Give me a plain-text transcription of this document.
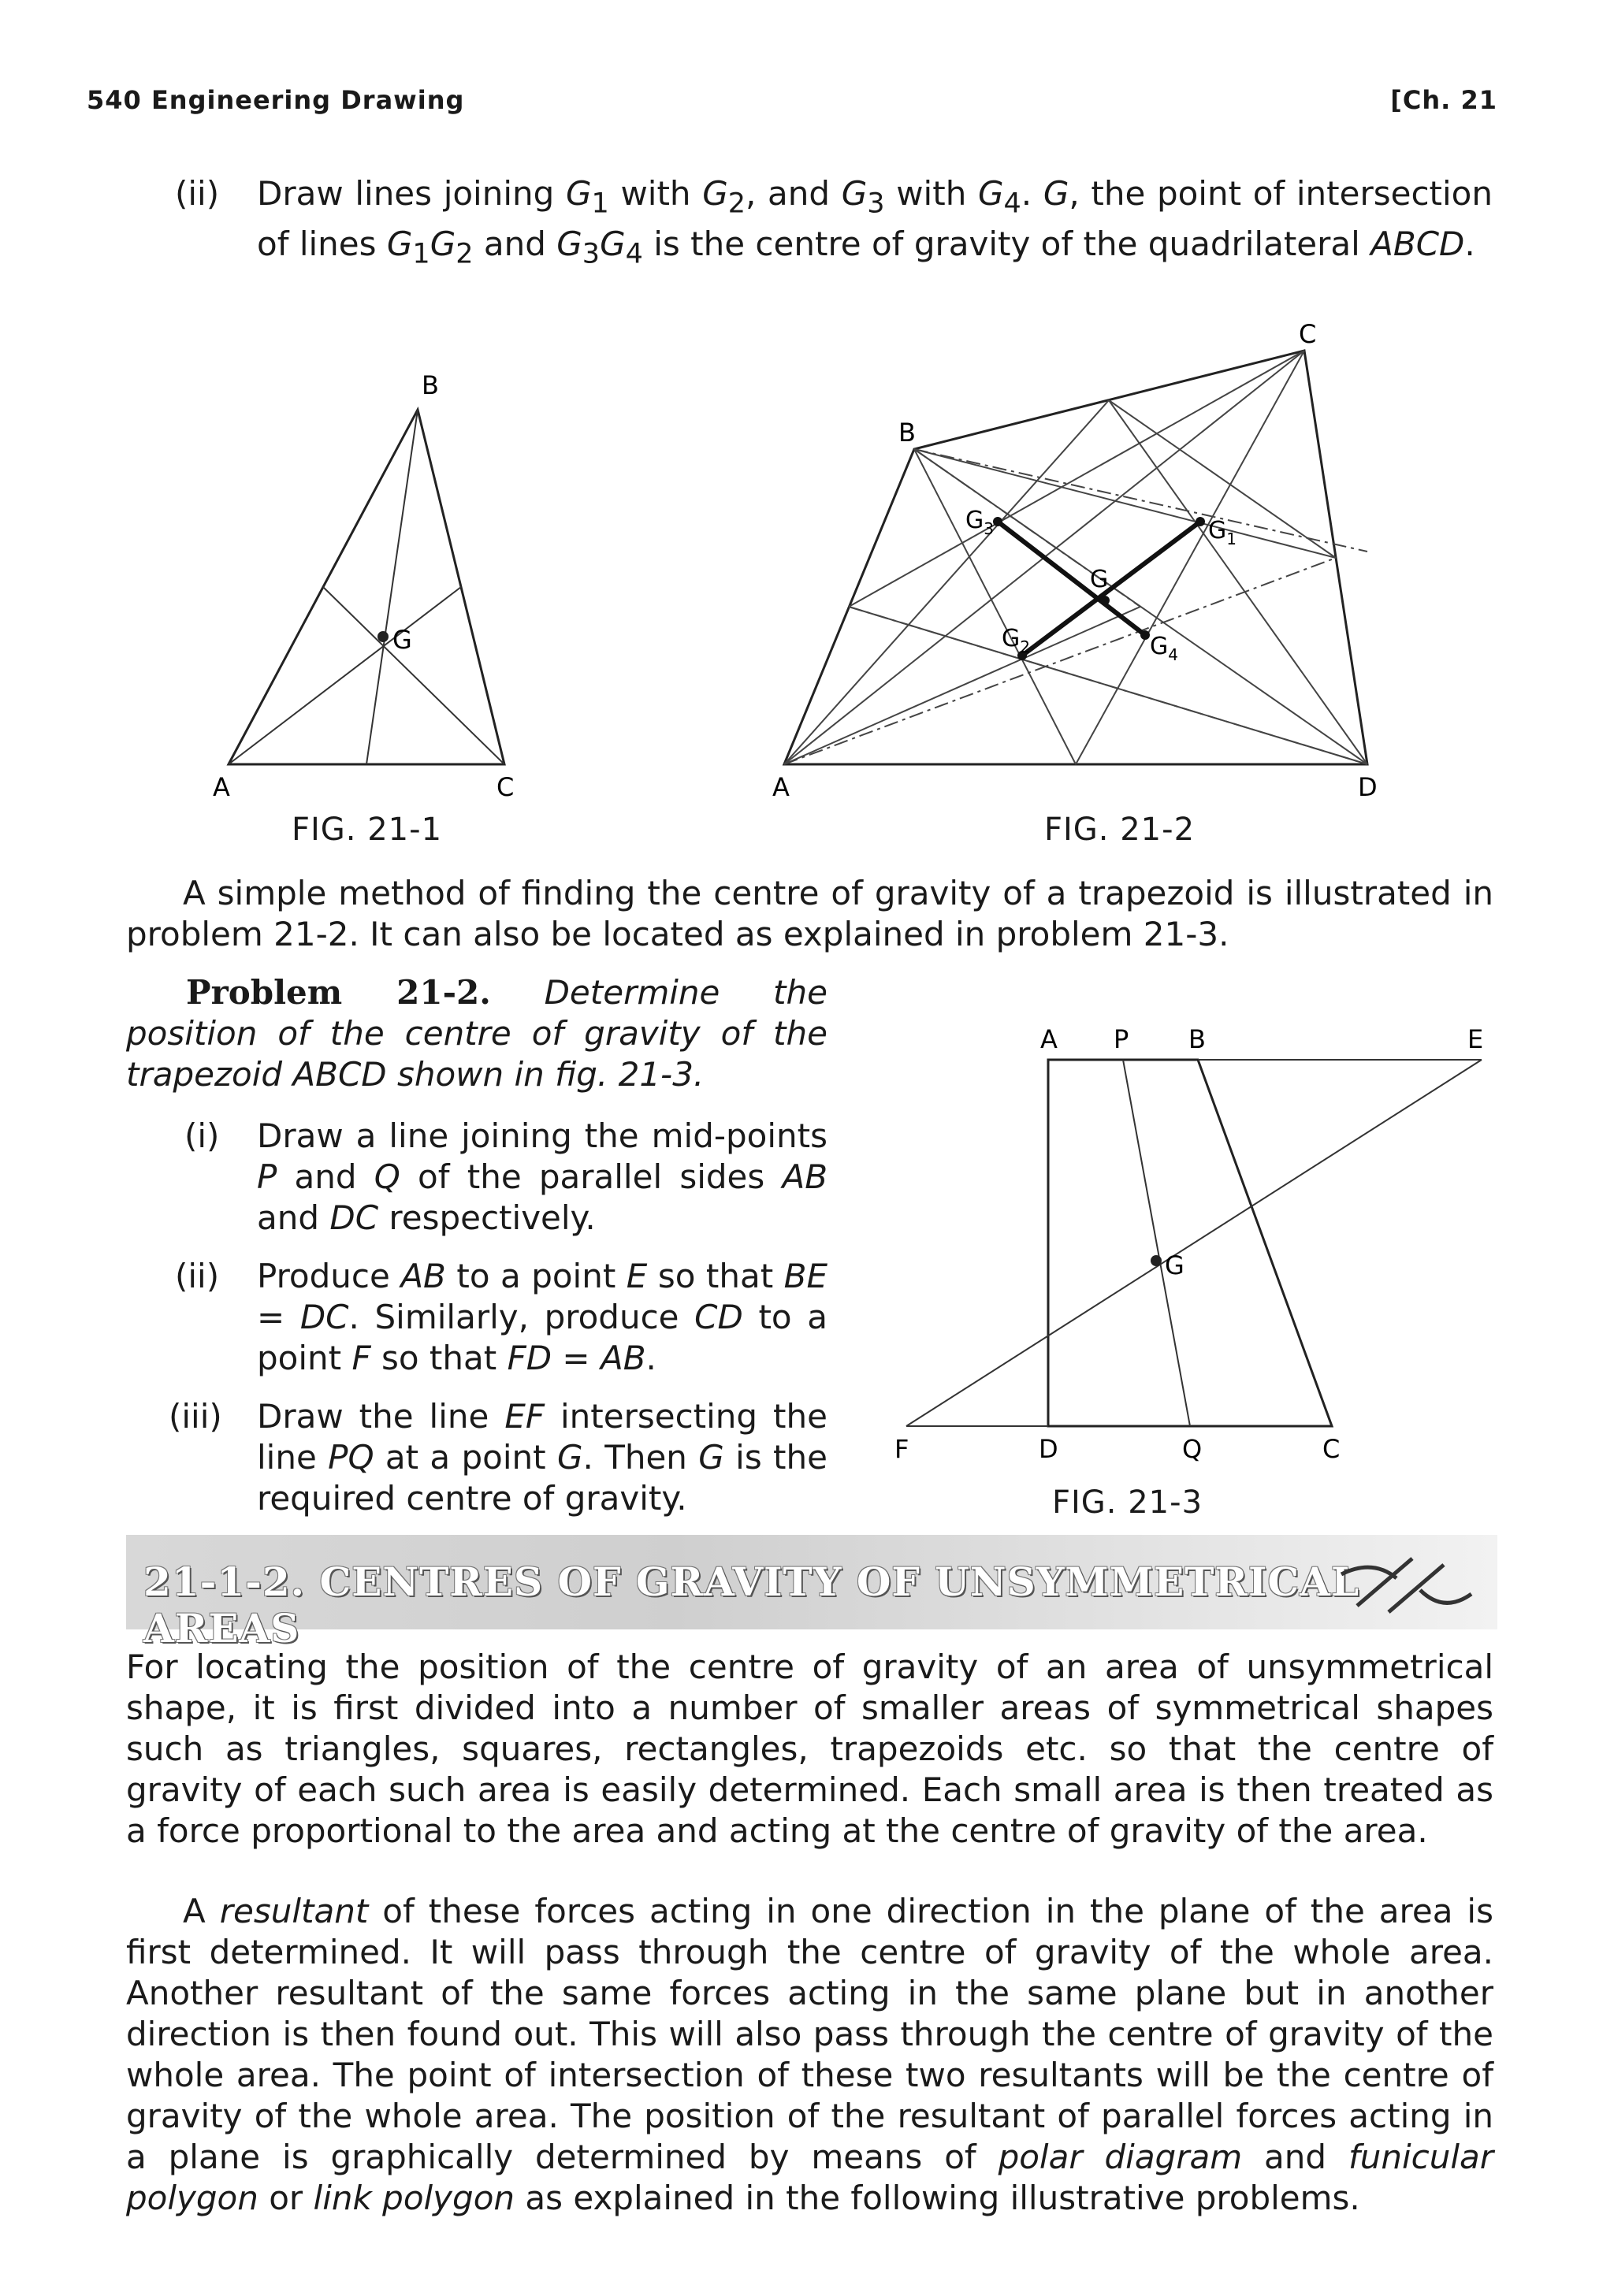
540 Engineering Drawing	[Ch. 21
(ii)	Draw lines joining $G_1$ with $G_2$, and $G_3$ with $G_4$. G, the point of intersection of lines $G_1G_2$ and $G_3G_4$ is the centre of gravity of the quadrilateral ABCD.
A
B
C
G
FIG. 21-1
A
B
C
D
G
$G_1$
$G_2$
$G_3$
$G_4$
FIG. 21-2
A simple method of finding the centre of gravity of a trapezoid is illustrated in problem 21-2. It can also be located as explained in problem 21-3.
Problem 21-2. Determine the position of the centre of gravity of the trapezoid ABCD shown in fig. 21-3.
(i)	Draw a line joining the mid-points P and Q of the parallel sides AB and DC respectively.
(ii)	Produce AB to a point E so that BE = DC. Similarly, produce CD to a point F so that FD = AB.
(iii)	Draw the line EF intersecting the line PQ at a point G. Then G is the required centre of gravity.
A P B	E
F	D	Q	C
G
FIG. 21-3
21-1-2. CENTRES OF GRAVITY OF UNSYMMETRICAL AREAS
For locating the position of the centre of gravity of an area of unsymmetrical shape, it is first divided into a number of smaller areas of symmetrical shapes such as triangles, squares, rectangles, trapezoids etc. so that the centre of gravity of each such area is easily determined. Each small area is then treated as a force proportional to the area and acting at the centre of gravity of the area.
A resultant of these forces acting in one direction in the plane of the area is first determined. It will pass through the centre of gravity of the whole area. Another resultant of the same forces acting in the same plane but in another direction is then found out. This will also pass through the centre of gravity of the whole area. The point of intersection of these two resultants will be the centre of gravity of the whole area. The position of the resultant of parallel forces acting in a plane is graphically determined by means of polar diagram and funicular polygon or link polygon as explained in the following illustrative problems.
